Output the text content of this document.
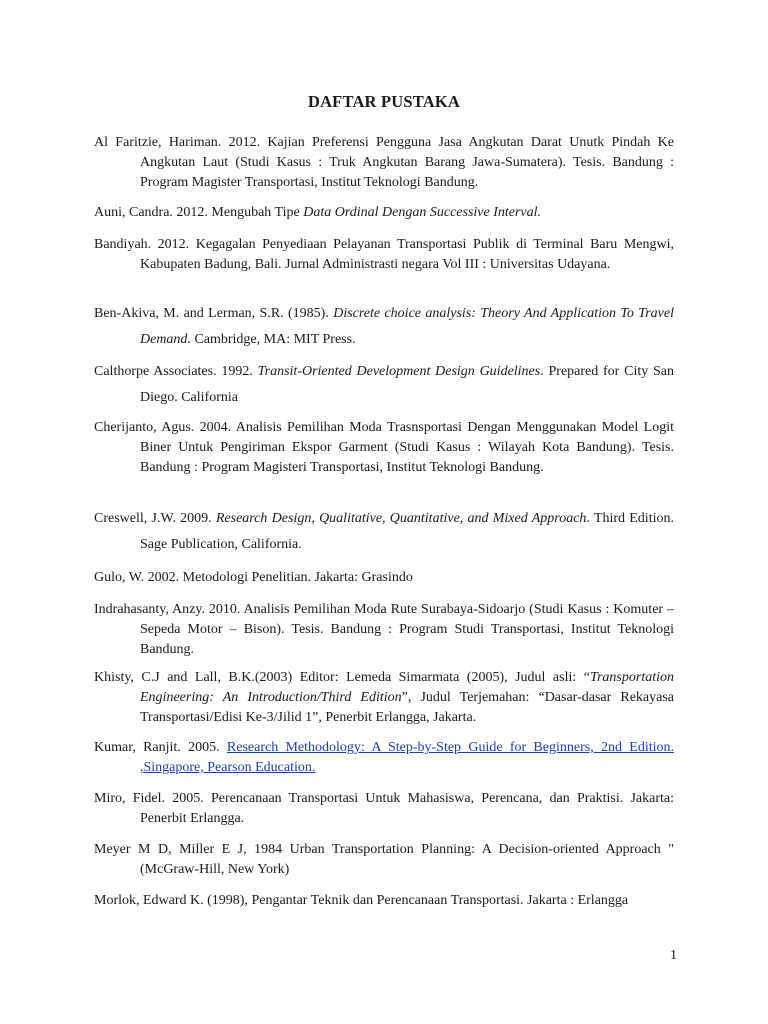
DAFTAR PUSTAKA
Al Faritzie, Hariman. 2012. Kajian Preferensi Pengguna Jasa Angkutan Darat Unutk Pindah Ke Angkutan Laut (Studi Kasus : Truk Angkutan Barang Jawa-Sumatera). Tesis. Bandung : Program Magister Transportasi, Institut Teknologi Bandung.
Auni, Candra. 2012. Mengubah Tipe Data Ordinal Dengan Successive Interval.
Bandiyah. 2012. Kegagalan Penyediaan Pelayanan Transportasi Publik di Terminal Baru Mengwi, Kabupaten Badung, Bali. Jurnal Administrasti negara Vol III : Universitas Udayana.
Ben-Akiva, M. and Lerman, S.R. (1985). Discrete choice analysis: Theory And Application To Travel Demand. Cambridge, MA: MIT Press.
Calthorpe Associates. 1992. Transit-Oriented Development Design Guidelines. Prepared for City San Diego. California
Cherijanto, Agus. 2004. Analisis Pemilihan Moda Trasnsportasi Dengan Menggunakan Model Logit Biner Untuk Pengiriman Ekspor Garment (Studi Kasus : Wilayah Kota Bandung). Tesis. Bandung : Program Magisteri Transportasi, Institut Teknologi Bandung.
Creswell, J.W. 2009. Research Design, Qualitative, Quantitative, and Mixed Approach. Third Edition. Sage Publication, California.
Gulo, W. 2002. Metodologi Penelitian. Jakarta: Grasindo
Indrahasanty, Anzy. 2010. Analisis Pemilihan Moda Rute Surabaya-Sidoarjo (Studi Kasus : Komuter – Sepeda Motor – Bison). Tesis. Bandung : Program Studi Transportasi, Institut Teknologi Bandung.
Khisty, C.J and Lall, B.K.(2003) Editor: Lemeda Simarmata (2005), Judul asli: “Transportation Engineering: An Introduction/Third Edition”, Judul Terjemahan: “Dasar-dasar Rekayasa Transportasi/Edisi Ke-3/Jilid 1”, Penerbit Erlangga, Jakarta.
Kumar, Ranjit. 2005. Research Methodology: A Step-by-Step Guide for Beginners, 2nd Edition. ,Singapore, Pearson Education.
Miro, Fidel. 2005. Perencanaan Transportasi Untuk Mahasiswa, Perencana, dan Praktisi. Jakarta: Penerbit Erlangga.
Meyer M D, Miller E J, 1984 Urban Transportation Planning: A Decision-oriented Approach " (McGraw-Hill, New York)
Morlok, Edward K. (1998), Pengantar Teknik dan Perencanaan Transportasi. Jakarta : Erlangga
1
